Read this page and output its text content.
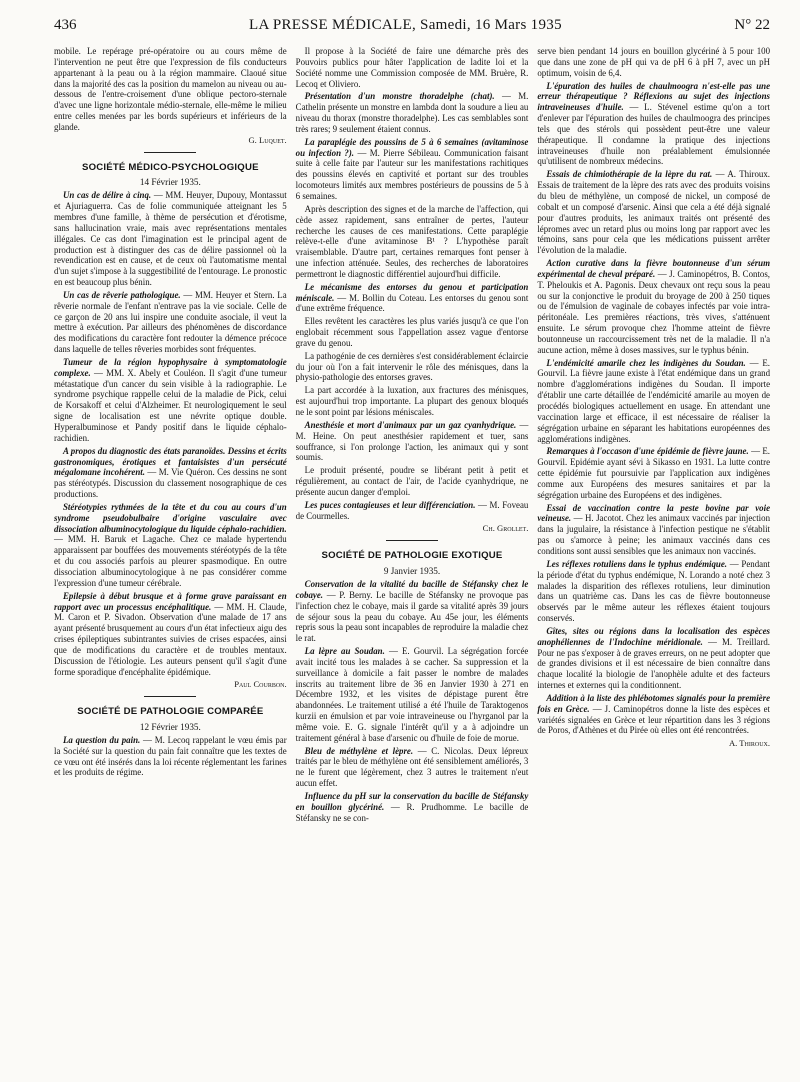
436	LA PRESSE MÉDICALE, Samedi, 16 Mars 1935	N° 22

mobile. Le repérage pré-opératoire ou au cours même de l'intervention ne peut être que l'expression de fils conducteurs appartenant à la peau ou à la région mammaire. Claoué situe dans la majorité des cas la position du mamelon au niveau ou au-dessous de l'entre-croisement d'une oblique pectoro-sternale d'avec une ligne horizontale médio-sternale, elle-même le milieu entre celles menées par les bords supérieurs et inférieurs de la glande.

G. Luquet.

SOCIÉTÉ MÉDICO-PSYCHOLOGIQUE

14 Février 1935.

Un cas de délire à cinq. — MM. Heuyer, Dupouy, Montassut et Ajuriaguerra. Cas de folie communiquée atteignant les 5 membres d'une famille, à thème de persécution et d'érotisme, sans hallucination vraie, mais avec représentations mentales illégales. Ce cas dont l'imagination est le principal agent de production est à distinguer des cas de délire passionnel où la revendication est en cause, et de ceux où l'automatisme mental d'un sujet s'impose à la suggestibilité de l'entourage. Le pronostic en est beaucoup plus bénin.

Un cas de rêverie pathologique. — MM. Heuyer et Stern. La rêverie normale de l'enfant n'entrave pas la vie sociale. Celle de ce garçon de 20 ans lui inspire une conduite asociale, il veut la mettre à exécution. Par ailleurs des phénomènes de discordance des modifications du caractère font redouter la démence précoce dans laquelle de telles rêveries morbides sont fréquentes.

Tumeur de la région hypophysaire à symptomatologie complexe. — MM. X. Abely et Couléon. Il s'agit d'une tumeur métastatique d'un cancer du sein visible à la radiographie. Le syndrome psychique rappelle celui de la maladie de Pick, celui de Korsakoff et celui d'Alzheimer. Et neurologiquement le seul signe de localisation est une névrite optique double. Hyperalbuminose et Pandy positif dans le liquide céphalo-rachidien.

A propos du diagnostic des états paranoïdes. Dessins et écrits gastronomiques, érotiques et fantaisistes d'un persécuté mégalomane incohérent. — M. Vie Quéron. Ces dessins ne sont pas stéréotypés. Discussion du classement nosographique de ces productions.

Stéréotypies rythmées de la tête et du cou au cours d'un syndrome pseudobulbaire d'origine vasculaire avec dissociation albuminocytologique du liquide céphalo-rachidien. — MM. H. Baruk et Lagache. Chez ce malade hypertendu apparaissent par bouffées des mouvements stéréotypés de la tête et du cou associés parfois au pleurer spasmodique. En outre dissociation albuminocytologique à ne pas considérer comme l'expression d'une tumeur cérébrale.

Epilepsie à début brusque et à forme grave paraissant en rapport avec un processus encéphalitique. — MM. H. Claude, M. Caron et P. Sivadon. Observation d'une malade de 17 ans ayant présenté brusquement au cours d'un état infectieux aigu des crises épileptiques subintrantes suivies de crises espacées, ainsi que de modifications du caractère et de troubles mentaux. Discussion de l'étiologie. Les auteurs pensent qu'il s'agit d'une forme sporadique d'encéphalite épidémique.

Paul Courbon.

SOCIÉTÉ DE PATHOLOGIE COMPARÉE

12 Février 1935.

La question du pain. — M. Lecoq rappelant le vœu émis par la Société sur la question du pain fait connaître que les textes de ce vœu ont été insérés dans la loi récente réglementant les farines et les produits de régime.

Il propose à la Société de faire une démarche près des Pouvoirs publics pour hâter l'application de ladite loi et la Société nomme une Commission composée de MM. Bruère, R. Lecoq et Oliviero.

Présentation d'un monstre thoradelphe (chat). — M. Cathelin présente un monstre en lambda dont la soudure a lieu au niveau du thorax (monstre thoradelphe). Les cas semblables sont très rares; 9 seulement étaient connus.

La paraplégie des poussins de 5 à 6 semaines (avitaminose ou infection ?). — M. Pierre Sébileau. Communication faisant suite à celle faite par l'auteur sur les manifestations rachitiques des poussins élevés en captivité et portant sur des troubles locomoteurs limités aux membres postérieurs de poussins de 5 à 6 semaines.

Après description des signes et de la marche de l'affection, qui cède assez rapidement, sans entraîner de pertes, l'auteur recherche les causes de ces manifestations. Cette paraplégie relève-t-elle d'une avitaminose B¹ ? L'hypothèse paraît vraisemblable. D'autre part, certaines remarques font penser à une infection atténuée. Seules, des recherches de laboratoires permettront le diagnostic différentiel aujourd'hui difficile.

Le mécanisme des entorses du genou et participation méniscale. — M. Bollin du Coteau. Les entorses du genou sont d'une extrême fréquence.

Elles revêtent les caractères les plus variés jusqu'à ce que l'on englobait récemment sous l'appellation assez vague d'entorse grave du genou.

La pathogénie de ces dernières s'est considérablement éclaircie du jour où l'on a fait intervenir le rôle des ménisques, dans la physio-pathologie des entorses graves.

La part accordée à la luxation, aux fractures des ménisques, est aujourd'hui trop importante. La plupart des genoux bloqués ne le sont point par lésions méniscales.

Anesthésie et mort d'animaux par un gaz cyanhydrique. — M. Heine. On peut anesthésier rapidement et tuer, sans souffrance, si l'on prolonge l'action, les animaux qui y sont soumis.

Le produit présenté, poudre se libérant petit à petit et régulièrement, au contact de l'air, de l'acide cyanhydrique, ne présente aucun danger d'emploi.

Les puces contagieuses et leur différenciation. — M. Foveau de Courmelles.

Ch. Grollet.

SOCIÉTÉ DE PATHOLOGIE EXOTIQUE

9 Janvier 1935.

Conservation de la vitalité du bacille de Stéfansky chez le cobaye. — P. Berny. Le bacille de Stéfansky ne provoque pas l'infection chez le cobaye, mais il garde sa vitalité après 39 jours de séjour sous la peau du cobaye. Au 45e jour, les éléments repris sous la peau sont incapables de reproduire la maladie chez le rat.

La lèpre au Soudan. — E. Gourvil. La ségrégation forcée avait incité tous les malades à se cacher. Sa suppression et la surveillance à domicile a fait passer le nombre de malades inscrits au traitement libre de 36 en Janvier 1930 à 271 en Décembre 1932, et les visites de dépistage purent être abandonnées. Le traitement utilisé a été l'huile de Taraktogenos kurzii en émulsion et par voie intraveineuse ou l'hyrganol par la même voie. E. G. signale l'intérêt qu'il y a à adjoindre un traitement général à base d'arsenic ou d'huile de foie de morue.

Bleu de méthylène et lèpre. — C. Nicolas. Deux lépreux traités par le bleu de méthylène ont été sensiblement améliorés, 3 ne le furent que légèrement, chez 3 autres le traitement n'eut aucun effet.

Influence du pH sur la conservation du bacille de Stéfansky en bouillon glycériné. — R. Prudhomme. Le bacille de Stéfansky ne se con-

serve bien pendant 14 jours en bouillon glycériné à 5 pour 100 que dans une zone de pH qui va de pH 6 à pH 7, avec un pH optimum, voisin de 6,4.

L'épuration des huiles de chaulmoogra n'est-elle pas une erreur thérapeutique ? Réflexions au sujet des injections intraveineuses d'huile. — L. Stévenel estime qu'on a tort d'enlever par l'épuration des huiles de chaulmoogra des principes tels que des stérols qui possèdent peut-être une valeur thérapeutique. Il condamne la pratique des injections intraveineuses d'huile non préalablement émulsionnée qu'utilisent de nombreux médecins.

Essais de chimiothérapie de la lèpre du rat. — A. Thiroux. Essais de traitement de la lèpre des rats avec des produits voisins du bleu de méthylène, un composé de nickel, un composé de cobalt et un composé d'arsenic. Ainsi que cela a été déjà signalé pour d'autres produits, les animaux traités ont présenté des lépromes avec un retard plus ou moins long par rapport avec les témoins, sans pour cela que les médications puissent arrêter l'évolution de la maladie.

Action curative dans la fièvre boutonneuse d'un sérum expérimental de cheval préparé. — J. Caminopétros, B. Contos, T. Pheloukis et A. Pagonis. Deux chevaux ont reçu sous la peau ou sur la conjonctive le produit du broyage de 200 à 250 tiques ou de l'émulsion de vaginale de cobayes infectés par voie intra-péritonéale. Les premières réactions, très vives, s'atténuent ensuite. Le sérum provoque chez l'homme atteint de fièvre boutonneuse un raccourcissement très net de la maladie. Il n'a aucune action, même à doses massives, sur le typhus bénin.

L'endémicité amarile chez les indigènes du Soudan. — E. Gourvil. La fièvre jaune existe à l'état endémique dans un grand nombre d'agglomérations indigènes du Soudan. Il importe d'établir une carte détaillée de l'endémicité amarile au moyen de procédés biologiques actuellement en usage. En attendant une vaccination large et efficace, il est nécessaire de réaliser la ségrégation urbaine en séparant les habitations européennes des agglomérations indigènes.

Remarques à l'occason d'une épidémie de fièvre jaune. — E. Gourvil. Epidémie ayant sévi à Sikasso en 1931. La lutte contre cette épidémie fut poursuivie par l'application aux indigènes comme aux Européens des mesures sanitaires et par la ségrégation urbaine des Européens et des indigènes.

Essai de vaccination contre la peste bovine par voie veineuse. — H. Jacotot. Chez les animaux vaccinés par injection dans la jugulaire, la résistance à l'infection pestique ne s'établit pas ou s'amorce à peine; les animaux vaccinés dans ces conditions sont aussi sensibles que les animaux non vaccinés.

Les réflexes rotuliens dans le typhus endémique. — Pendant la période d'état du typhus endémique, N. Lorando a noté chez 3 malades la disparition des réflexes rotuliens, leur diminution dans un quatrième cas. Dans les cas de fièvre boutonneuse observés par le même auteur les réflexes étaient toujours conservés.

Gîtes, sites ou régions dans la localisation des espèces anophéliennes de l'Indochine méridionale. — M. Treillard. Pour ne pas s'exposer à de graves erreurs, on ne peut adopter que de grandes divisions et il est nécessaire de bien connaître dans chaque localité la biologie de l'anophèle adulte et des facteurs internes et externes qui la conditionnent.

Addition à la liste des phlébotomes signalés pour la première fois en Grèce. — J. Caminopétros donne la liste des espèces et variétés signalées en Grèce et leur répartition dans les 3 régions de Poros, d'Athènes et du Pirée où elles ont été rencontrées.

A. Thiroux.
